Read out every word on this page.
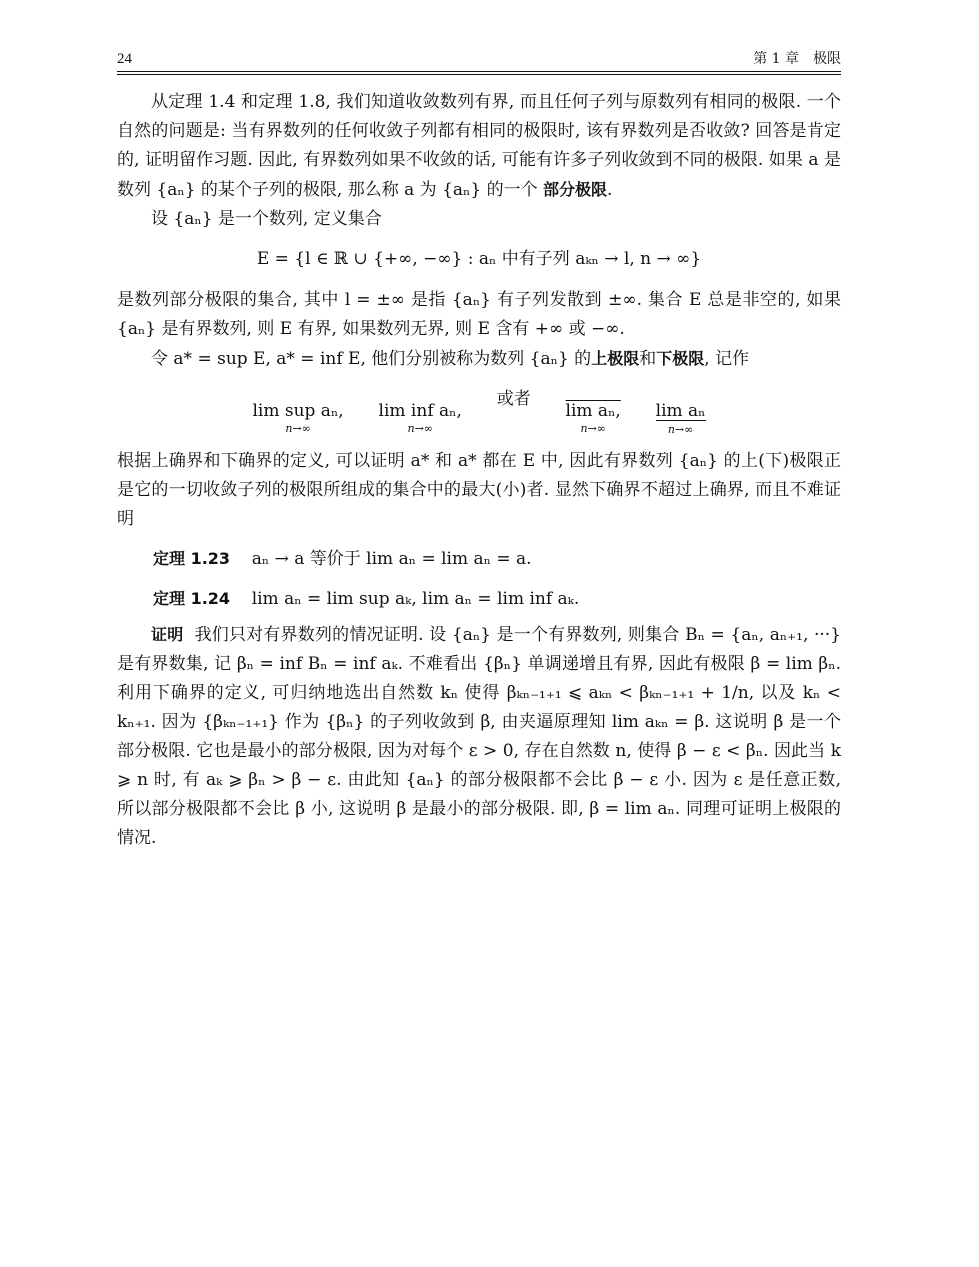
24	第 1 章　极限

从定理 1.4 和定理 1.8, 我们知道收敛数列有界, 而且任何子列与原数列有相同的极限. 一个自然的问题是: 当有界数列的任何收敛子列都有相同的极限时, 该有界数列是否收敛? 回答是肯定的, 证明留作习题. 因此, 有界数列如果不收敛的话, 可能有许多子列收敛到不同的极限. 如果 a 是数列 {aₙ} 的某个子列的极限, 那么称 a 为 {aₙ} 的一个 部分极限.

设 {aₙ} 是一个数列, 定义集合

E = {l ∈ ℝ ∪ {+∞, −∞} : aₙ 中有子列 aₖₙ → l, n → ∞}

是数列部分极限的集合, 其中 l = ±∞ 是指 {aₙ} 有子列发散到 ±∞. 集合 E 总是非空的, 如果 {aₙ} 是有界数列, 则 E 有界, 如果数列无界, 则 E 含有 +∞ 或 −∞.

令 a* = sup E, a* = inf E, 他们分别被称为数列 {aₙ} 的上极限和下极限, 记作

lim sup aₙ,
n→∞

lim inf aₙ,
n→∞
或者
lim aₙ,
n→∞

lim aₙ
n→∞

根据上确界和下确界的定义, 可以证明 a* 和 a* 都在 E 中, 因此有界数列 {aₙ} 的上(下)极限正是它的一切收敛子列的极限所组成的集合中的最大(小)者. 显然下确界不超过上确界, 而且不难证明

定理 1.23 aₙ → a 等价于 lim aₙ = lim aₙ = a.
定理 1.24 lim aₙ = lim sup aₖ, lim aₙ = lim inf aₖ.

证明 我们只对有界数列的情况证明. 设 {aₙ} 是一个有界数列, 则集合 Bₙ = {aₙ, aₙ₊₁, ···} 是有界数集, 记 βₙ = inf Bₙ = inf aₖ. 不难看出 {βₙ} 单调递增且有界, 因此有极限 β = lim βₙ. 利用下确界的定义, 可归纳地选出自然数 kₙ 使得 βₖₙ₋₁₊₁ ⩽ aₖₙ < βₖₙ₋₁₊₁ + 1/n, 以及 kₙ < kₙ₊₁. 因为 {βₖₙ₋₁₊₁} 作为 {βₙ} 的子列收敛到 β, 由夹逼原理知 lim aₖₙ = β. 这说明 β 是一个部分极限. 它也是最小的部分极限, 因为对每个 ε > 0, 存在自然数 n, 使得 β − ε < βₙ. 因此当 k ⩾ n 时, 有 aₖ ⩾ βₙ > β − ε. 由此知 {aₙ} 的部分极限都不会比 β − ε 小. 因为 ε 是任意正数, 所以部分极限都不会比 β 小, 这说明 β 是最小的部分极限. 即, β = lim aₙ. 同理可证明上极限的情况.
